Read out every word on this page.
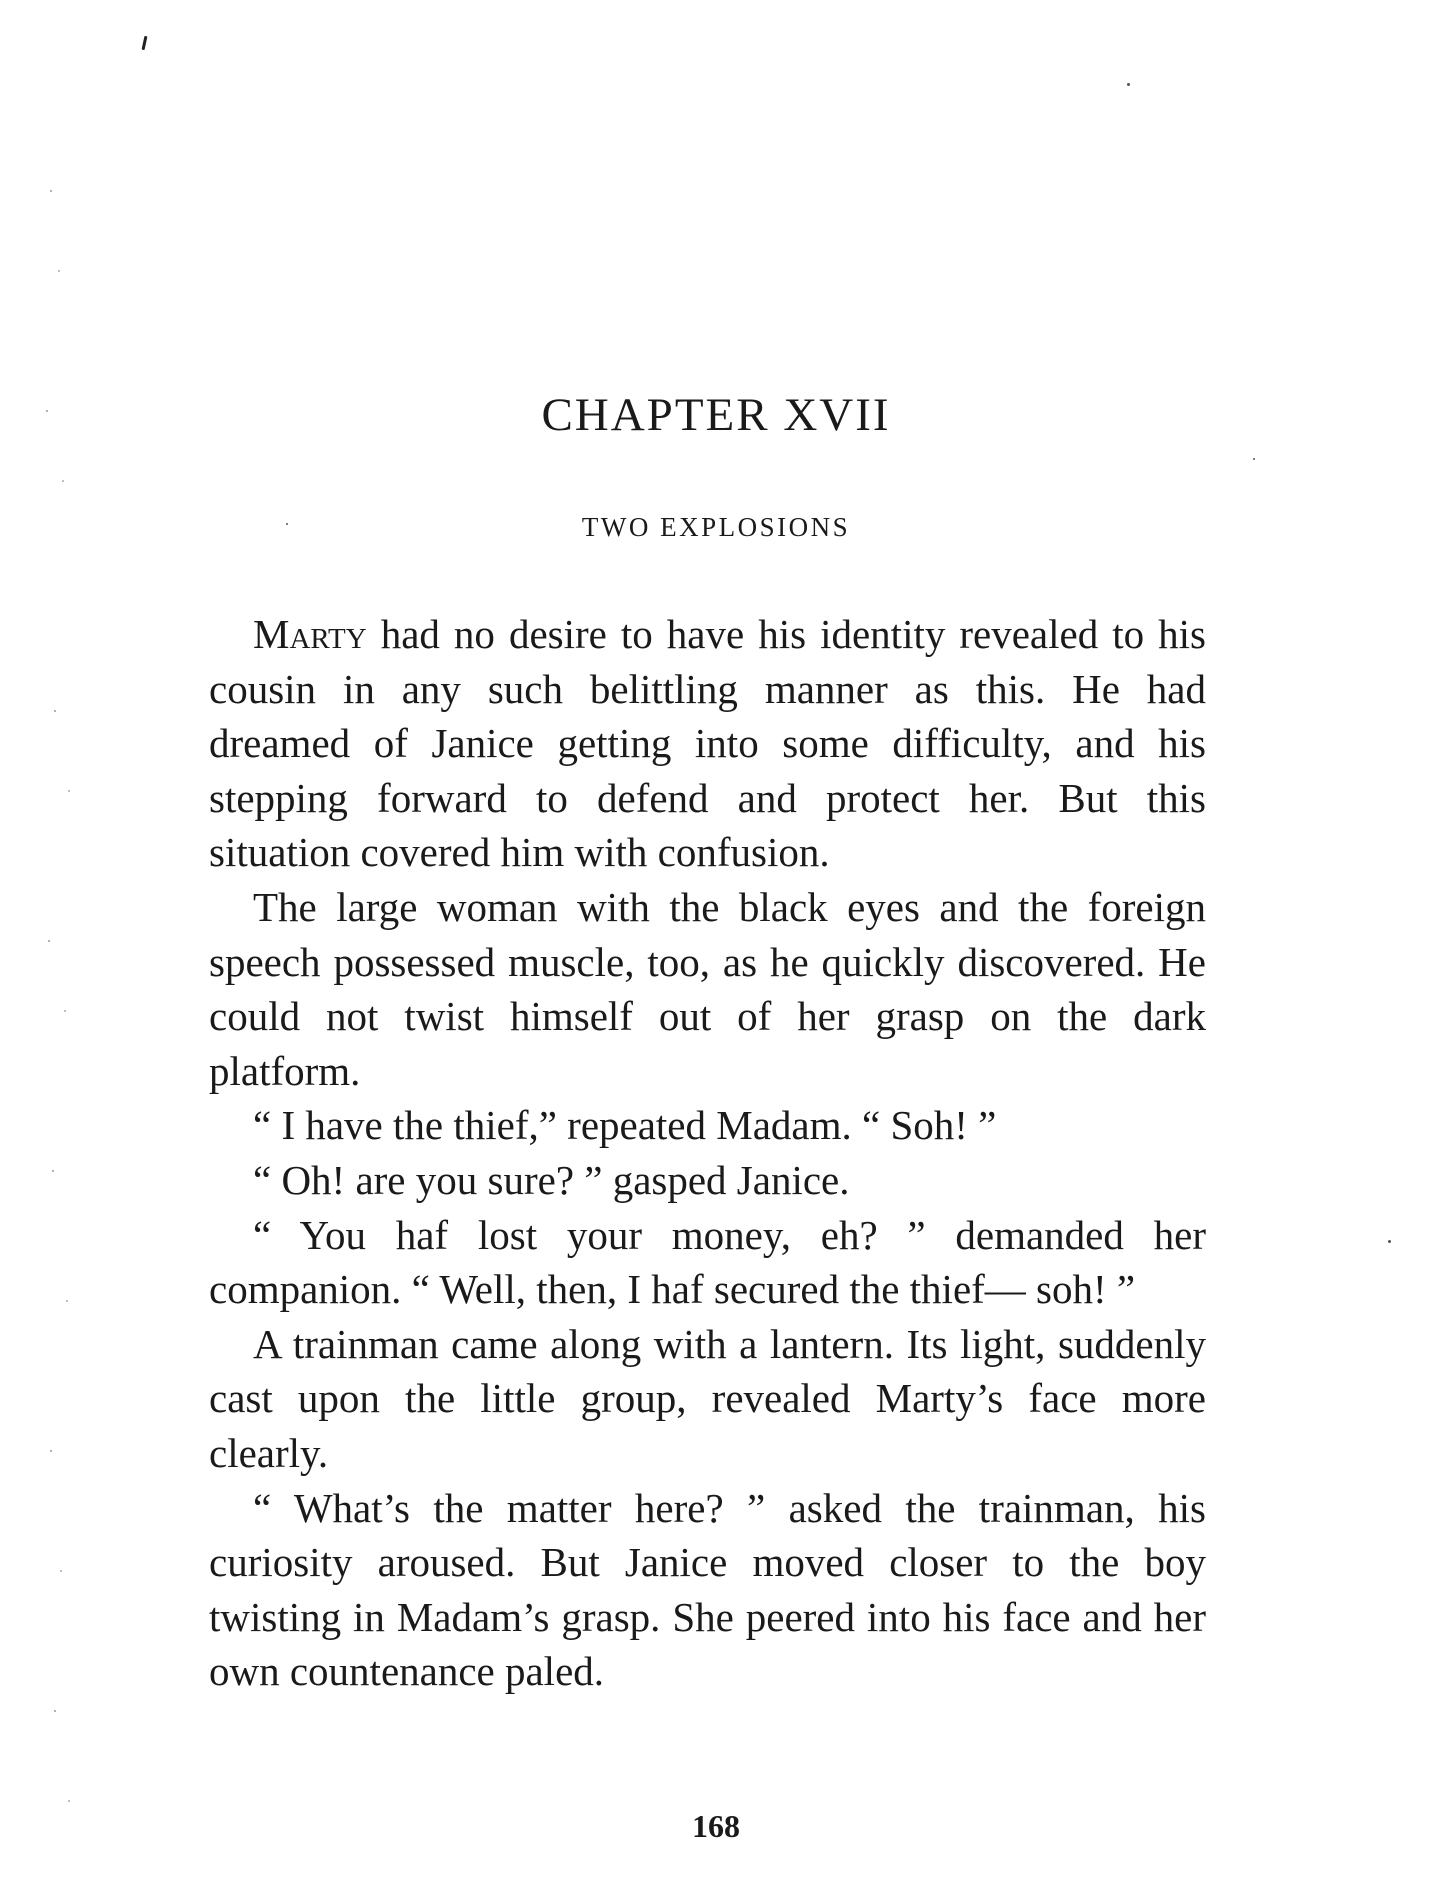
CHAPTER XVII
TWO EXPLOSIONS

Marty had no desire to have his identity revealed to his cousin in any such belittling manner as this. He had dreamed of Janice getting into some difficulty, and his stepping forward to defend and protect her. But this situation covered him with confusion.

The large woman with the black eyes and the foreign speech possessed muscle, too, as he quickly discovered. He could not twist himself out of her grasp on the dark platform.

“ I have the thief,” repeated Madam. “ Soh! ”

“ Oh! are you sure? ” gasped Janice.

“ You haf lost your money, eh? ” demanded her companion. “ Well, then, I haf secured the thief— soh! ”

A trainman came along with a lantern. Its light, suddenly cast upon the little group, revealed Marty’s face more clearly.

“ What’s the matter here? ” asked the trainman, his curiosity aroused. But Janice moved closer to the boy twisting in Madam’s grasp. She peered into his face and her own countenance paled.

168
